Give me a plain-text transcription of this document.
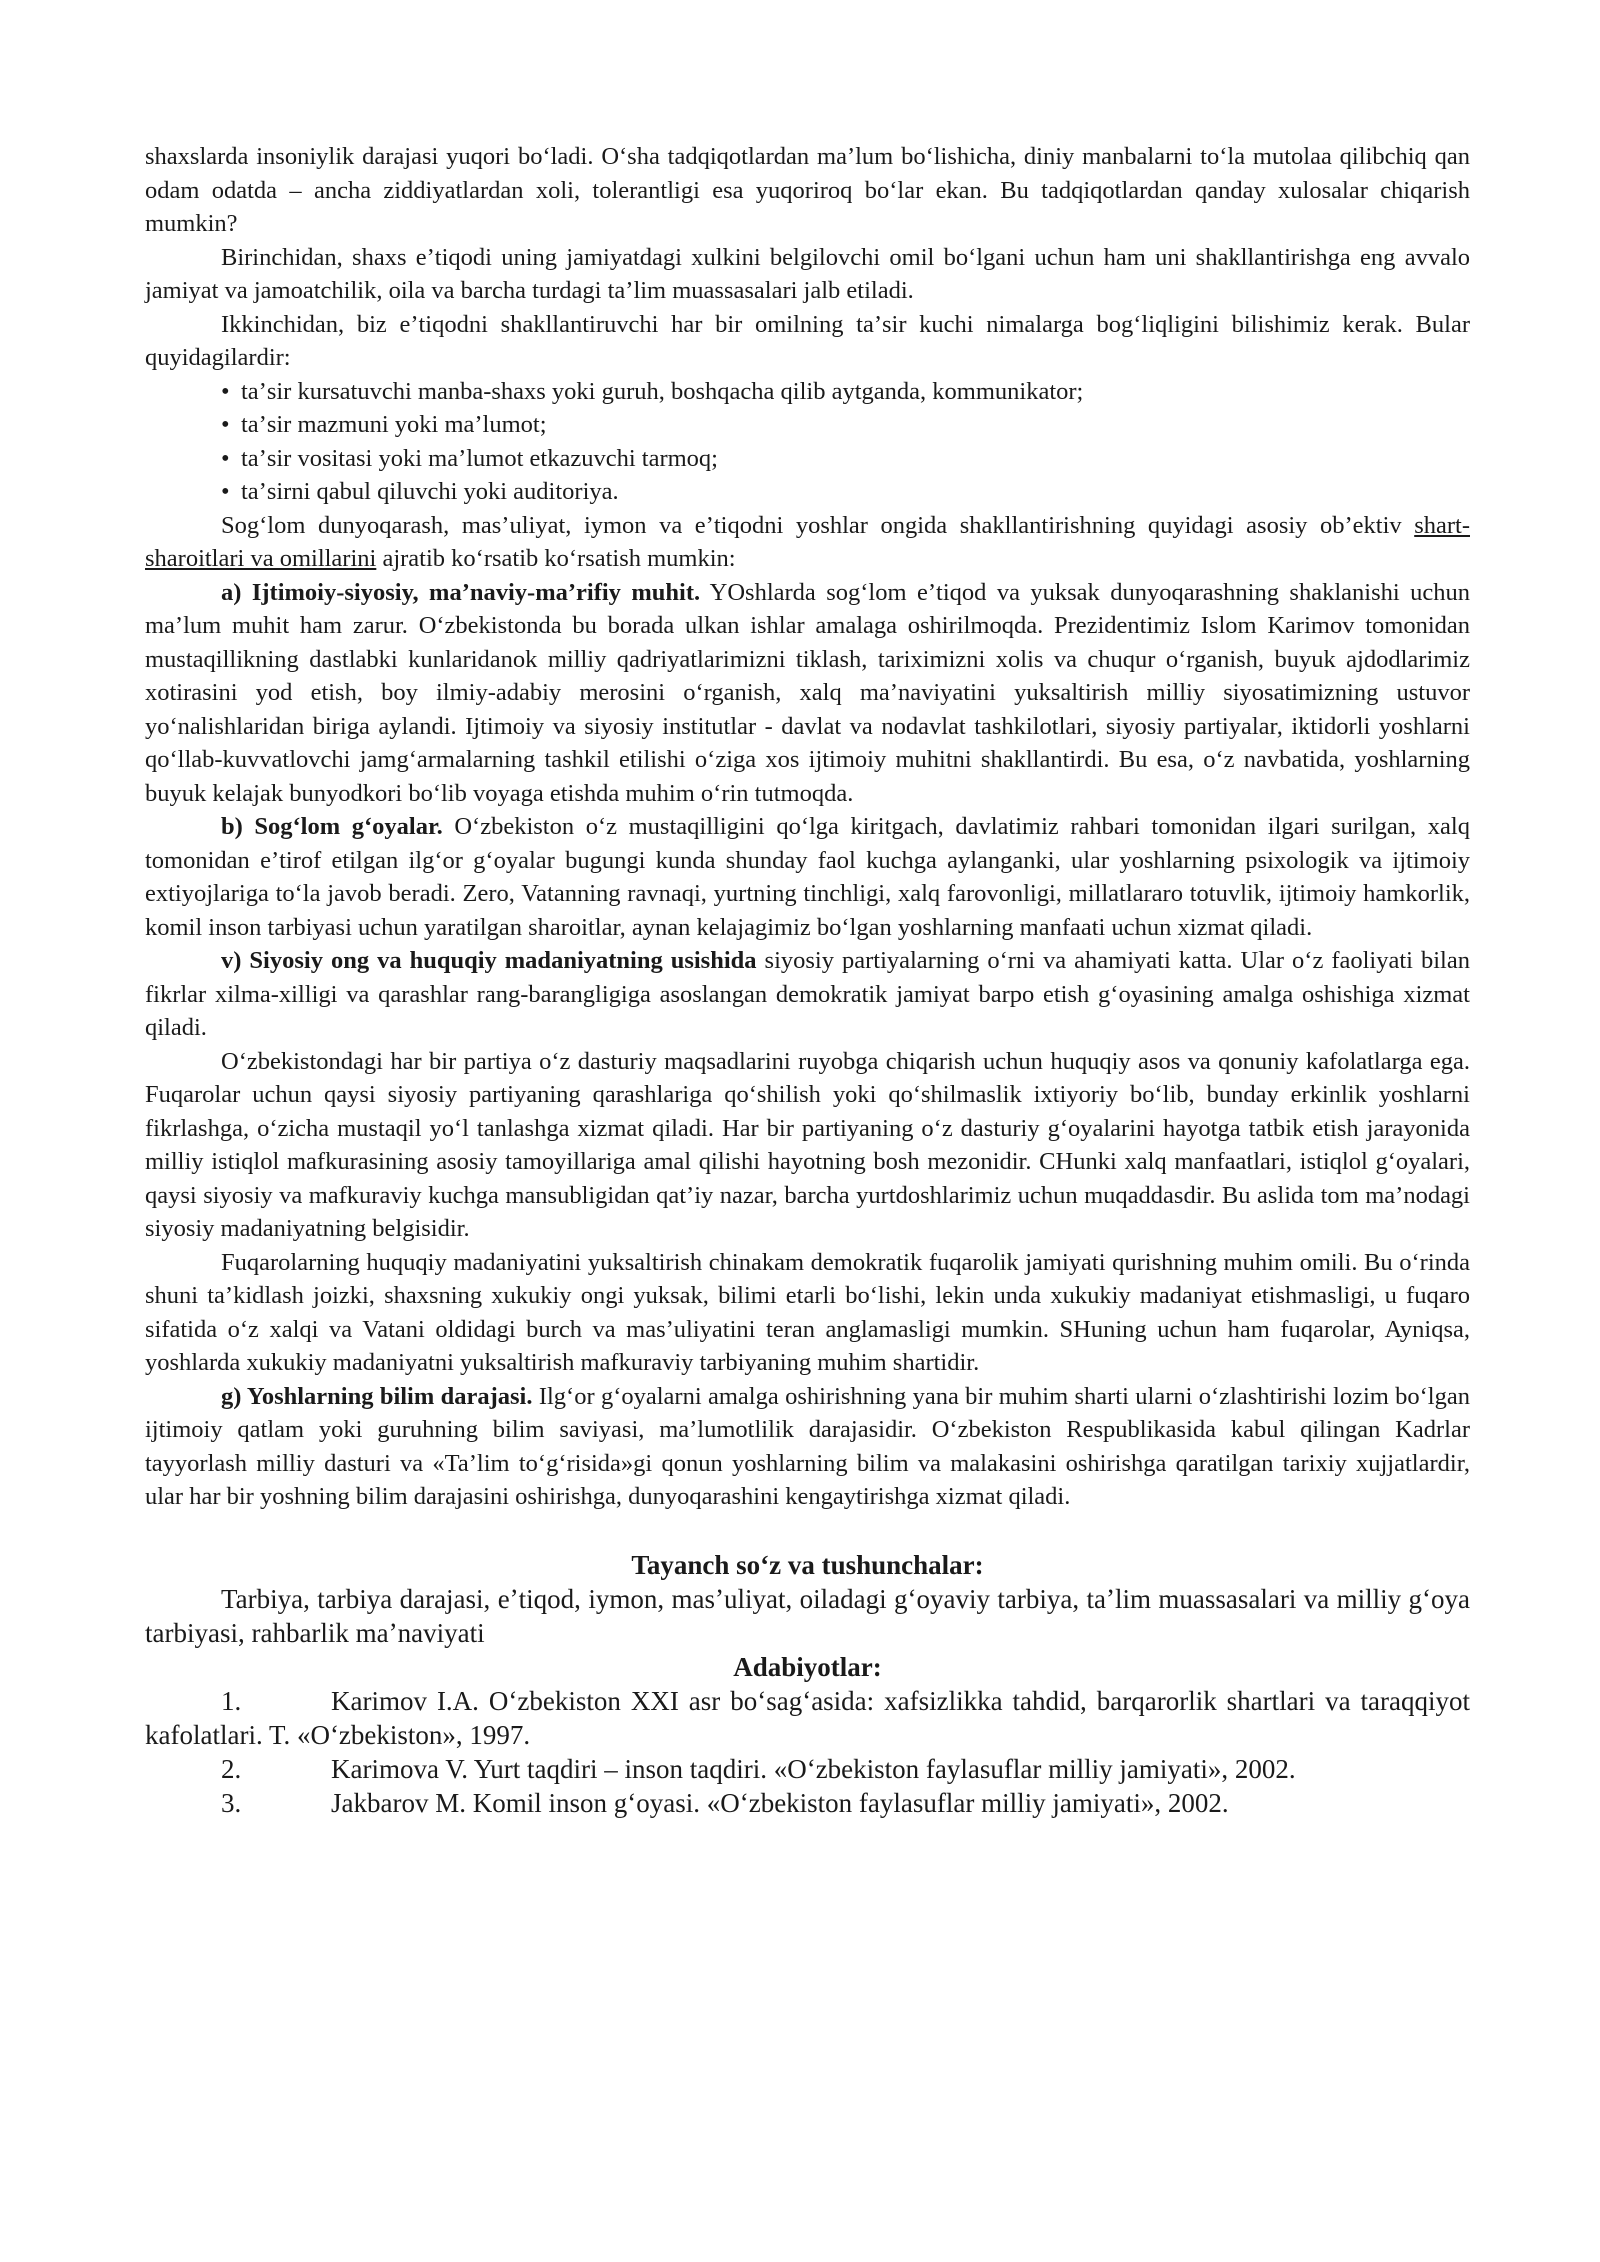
shaxslarda insoniylik darajasi yuqori boʻladi. Oʻsha tadqiqotlardan maʼlum boʻlishicha, diniy manbalarni toʻla mutolaa qilibchiq qan odam odatda – ancha ziddiyatlardan xoli, tolerantligi esa yuqoriroq boʻlar ekan. Bu tadqiqotlardan qanday xulosalar chiqarish mumkin?

Birinchidan, shaxs eʼtiqodi uning jamiyatdagi xulkini belgilovchi omil boʻlgani uchun ham uni shakllantirishga eng avvalo jamiyat va jamoatchilik, oila va barcha turdagi taʼlim muassasalari jalb etiladi.

Ikkinchidan, biz eʼtiqodni shakllantiruvchi har bir omilning taʼsir kuchi nimalarga bogʻliqligini bilishimiz kerak. Bular quyidagilardir:

• taʼsir kursatuvchi manba-shaxs yoki guruh, boshqacha qilib aytganda, kommunikator;
• taʼsir mazmuni yoki maʼlumot;
• taʼsir vositasi yoki maʼlumot etkazuvchi tarmoq;
• taʼsirni qabul qiluvchi yoki auditoriya.

Sogʻlom dunyoqarash, masʼuliyat, iymon va eʼtiqodni yoshlar ongida shakllantirishning quyidagi asosiy obʼektiv shart-sharoitlari va omillarini ajratib koʻrsatib koʻrsatish mumkin:

a) Ijtimoiy-siyosiy, maʼnaviy-maʼrifiy muhit. YOshlarda sogʻlom eʼtiqod va yuksak dunyoqarashning shaklanishi uchun maʼlum muhit ham zarur. Oʻzbekistonda bu borada ulkan ishlar amalaga oshirilmoqda. Prezidentimiz Islom Karimov tomonidan mustaqillikning dastlabki kunlaridanok milliy qadriyatlarimizni tiklash, tariximizni xolis va chuqur oʻrganish, buyuk ajdodlarimiz xotirasini yod etish, boy ilmiy-adabiy merosini oʻrganish, xalq maʼnaviyatini yuksaltirish milliy siyosatimizning ustuvor yoʻnalishlaridan biriga aylandi. Ijtimoiy va siyosiy institutlar - davlat va nodavlat tashkilotlari, siyosiy partiyalar, iktidorli yoshlarni qoʻllab-kuvvatlovchi jamgʻarmalarning tashkil etilishi oʻziga xos ijtimoiy muhitni shakllantirdi. Bu esa, oʻz navbatida, yoshlarning buyuk kelajak bunyodkori boʻlib voyaga etishda muhim oʻrin tutmoqda.

b) Sogʻlom gʻoyalar. Oʻzbekiston oʻz mustaqilligini qoʻlga kiritgach, davlatimiz rahbari tomonidan ilgari surilgan, xalq tomonidan eʼtirof etilgan ilgʻor gʻoyalar bugungi kunda shunday faol kuchga aylanganki, ular yoshlarning psixologik va ijtimoiy extiyojlariga toʻla javob beradi. Zero, Vatanning ravnaqi, yurtning tinchligi, xalq farovonligi, millatlararo totuvlik, ijtimoiy hamkorlik, komil inson tarbiyasi uchun yaratilgan sharoitlar, aynan kelajagimiz boʻlgan yoshlarning manfaati uchun xizmat qiladi.

v) Siyosiy ong va huquqiy madaniyatning usishida siyosiy partiyalarning oʻrni va ahamiyati katta. Ular oʻz faoliyati bilan fikrlar xilma-xilligi va qarashlar rang-barangligiga asoslangan demokratik jamiyat barpo etish gʻoyasining amalga oshishiga xizmat qiladi.

Oʻzbekistondagi har bir partiya oʻz dasturiy maqsadlarini ruyobga chiqarish uchun huquqiy asos va qonuniy kafolatlarga ega. Fuqarolar uchun qaysi siyosiy partiyaning qarashlariga qoʻshilish yoki qoʻshilmaslik ixtiyoriy boʻlib, bunday erkinlik yoshlarni fikrlashga, oʻzicha mustaqil yoʻl tanlashga xizmat qiladi. Har bir partiyaning oʻz dasturiy gʻoyalarini hayotga tatbik etish jarayonida milliy istiqlol mafkurasining asosiy tamoyillariga amal qilishi hayotning bosh mezonidir. CHunki xalq manfaatlari, istiqlol gʻoyalari, qaysi siyosiy va mafkuraviy kuchga mansubligidan qatʼiy nazar, barcha yurtdoshlarimiz uchun muqaddasdir. Bu aslida tom maʼnodagi siyosiy madaniyatning belgisidir.

Fuqarolarning huquqiy madaniyatini yuksaltirish chinakam demokratik fuqarolik jamiyati qurishning muhim omili. Bu oʻrinda shuni taʼkidlash joizki, shaxsning xukukiy ongi yuksak, bilimi etarli boʻlishi, lekin unda xukukiy madaniyat etishmasligi, u fuqaro sifatida oʻz xalqi va Vatani oldidagi burch va masʼuliyatini teran anglamasligi mumkin. SHuning uchun ham fuqarolar, Ayniqsa, yoshlarda xukukiy madaniyatni yuksaltirish mafkuraviy tarbiyaning muhim shartidir.

g) Yoshlarning bilim darajasi. Ilgʻor gʻoyalarni amalga oshirishning yana bir muhim sharti ularni oʻzlashtirishi lozim boʻlgan ijtimoiy qatlam yoki guruhning bilim saviyasi, maʼlumotlilik darajasidir. Oʻzbekiston Respublikasida kabul qilingan Kadrlar tayyorlash milliy dasturi va «Taʼlim toʻgʻrisida»gi qonun yoshlarning bilim va malakasini oshirishga qaratilgan tarixiy xujjatlardir, ular har bir yoshning bilim darajasini oshirishga, dunyoqarashini kengaytirishga xizmat qiladi.

Tayanch soʻz va tushunchalar:

Tarbiya, tarbiya darajasi, eʼtiqod, iymon, masʼuliyat, oiladagi gʻoyaviy tarbiya, taʼlim muassasalari va milliy gʻoya tarbiyasi, rahbarlik maʼnaviyati

Adabiyotlar:

1.	Karimov I.A. Oʻzbekiston XXI asr boʻsagʻasida: xafsizlikka tahdid, barqarorlik shartlari va taraqqiyot kafolatlari. T. «Oʻzbekiston», 1997.

2.	Karimova V. Yurt taqdiri – inson taqdiri. «Oʻzbekiston faylasuflar milliy jamiyati», 2002.

3.	Jakbarov M. Komil inson gʻoyasi. «Oʻzbekiston faylasuflar milliy jamiyati», 2002.
